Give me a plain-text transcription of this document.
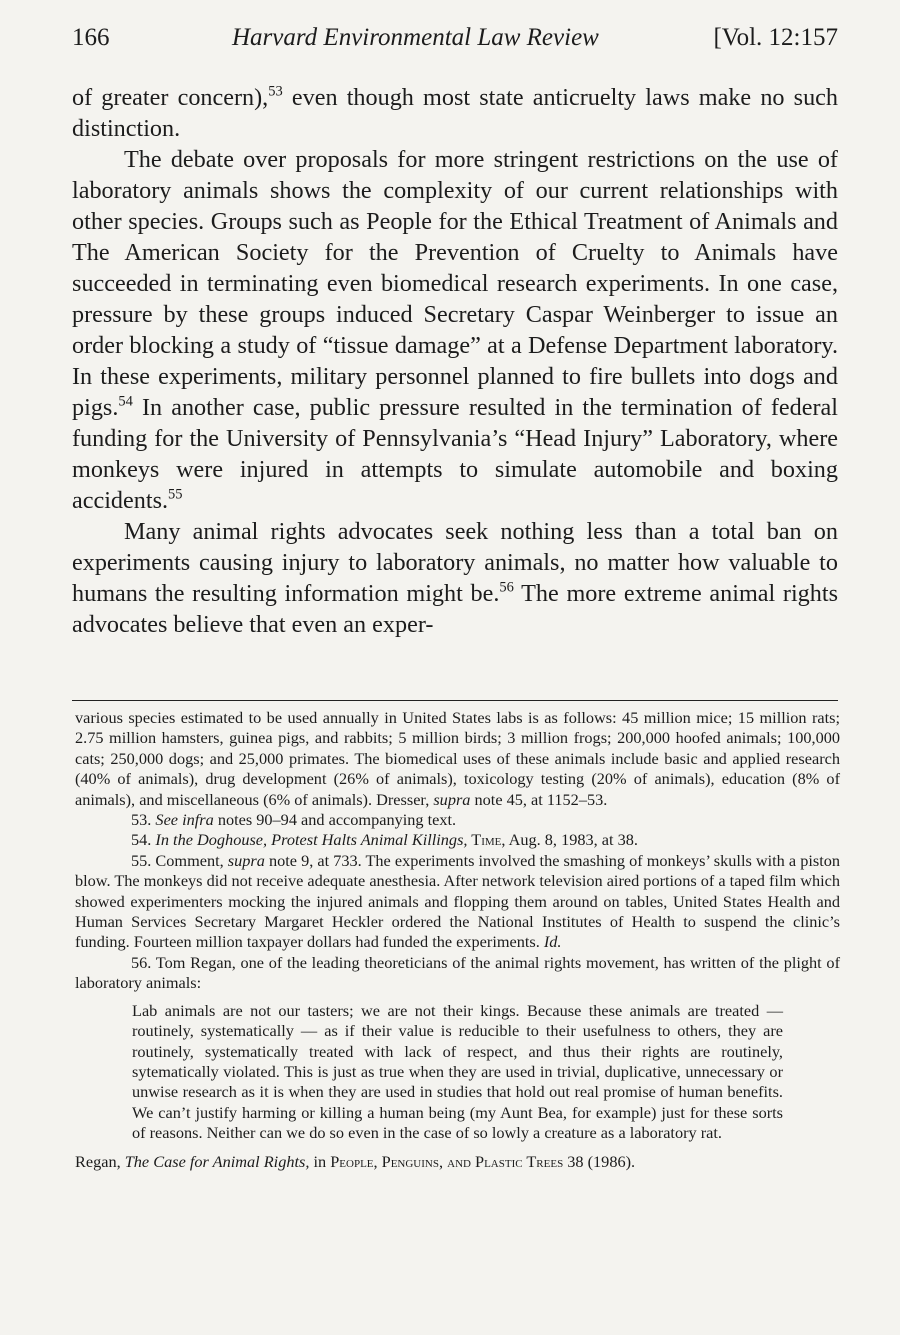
166	Harvard Environmental Law Review	[Vol. 12:157

of greater concern),$^{53}$ even though most state anticruelty laws make no such distinction.

The debate over proposals for more stringent restrictions on the use of laboratory animals shows the complexity of our current relationships with other species. Groups such as People for the Ethical Treatment of Animals and The American Society for the Prevention of Cruelty to Animals have succeeded in terminating even biomedical research experiments. In one case, pressure by these groups induced Secretary Caspar Weinberger to issue an order blocking a study of “tissue damage” at a Defense Department laboratory. In these experiments, military personnel planned to fire bullets into dogs and pigs.$^{54}$ In another case, public pressure resulted in the termination of federal funding for the University of Pennsylvania’s “Head Injury” Laboratory, where monkeys were injured in attempts to simulate automobile and boxing accidents.$^{55}$

Many animal rights advocates seek nothing less than a total ban on experiments causing injury to laboratory animals, no matter how valuable to humans the resulting information might be.$^{56}$ The more extreme animal rights advocates believe that even an exper-

various species estimated to be used annually in United States labs is as follows: 45 million mice; 15 million rats; 2.75 million hamsters, guinea pigs, and rabbits; 5 million birds; 3 million frogs; 200,000 hoofed animals; 100,000 cats; 250,000 dogs; and 25,000 primates. The biomedical uses of these animals include basic and applied research (40% of animals), drug development (26% of animals), toxicology testing (20% of animals), education (8% of animals), and miscellaneous (6% of animals). Dresser, supra note 45, at 1152–53.

53. See infra notes 90–94 and accompanying text.

54. In the Doghouse, Protest Halts Animal Killings, Time, Aug. 8, 1983, at 38.

55. Comment, supra note 9, at 733. The experiments involved the smashing of monkeys’ skulls with a piston blow. The monkeys did not receive adequate anesthesia. After network television aired portions of a taped film which showed experimenters mocking the injured animals and flopping them around on tables, United States Health and Human Services Secretary Margaret Heckler ordered the National Institutes of Health to suspend the clinic’s funding. Fourteen million taxpayer dollars had funded the experiments. Id.

56. Tom Regan, one of the leading theoreticians of the animal rights movement, has written of the plight of laboratory animals:

Lab animals are not our tasters; we are not their kings. Because these animals are treated — routinely, systematically — as if their value is reducible to their usefulness to others, they are routinely, systematically treated with lack of respect, and thus their rights are routinely, sytematically violated. This is just as true when they are used in trivial, duplicative, unnecessary or unwise research as it is when they are used in studies that hold out real promise of human benefits. We can’t justify harming or killing a human being (my Aunt Bea, for example) just for these sorts of reasons. Neither can we do so even in the case of so lowly a creature as a laboratory rat.

Regan, The Case for Animal Rights, in People, Penguins, and Plastic Trees 38 (1986).
